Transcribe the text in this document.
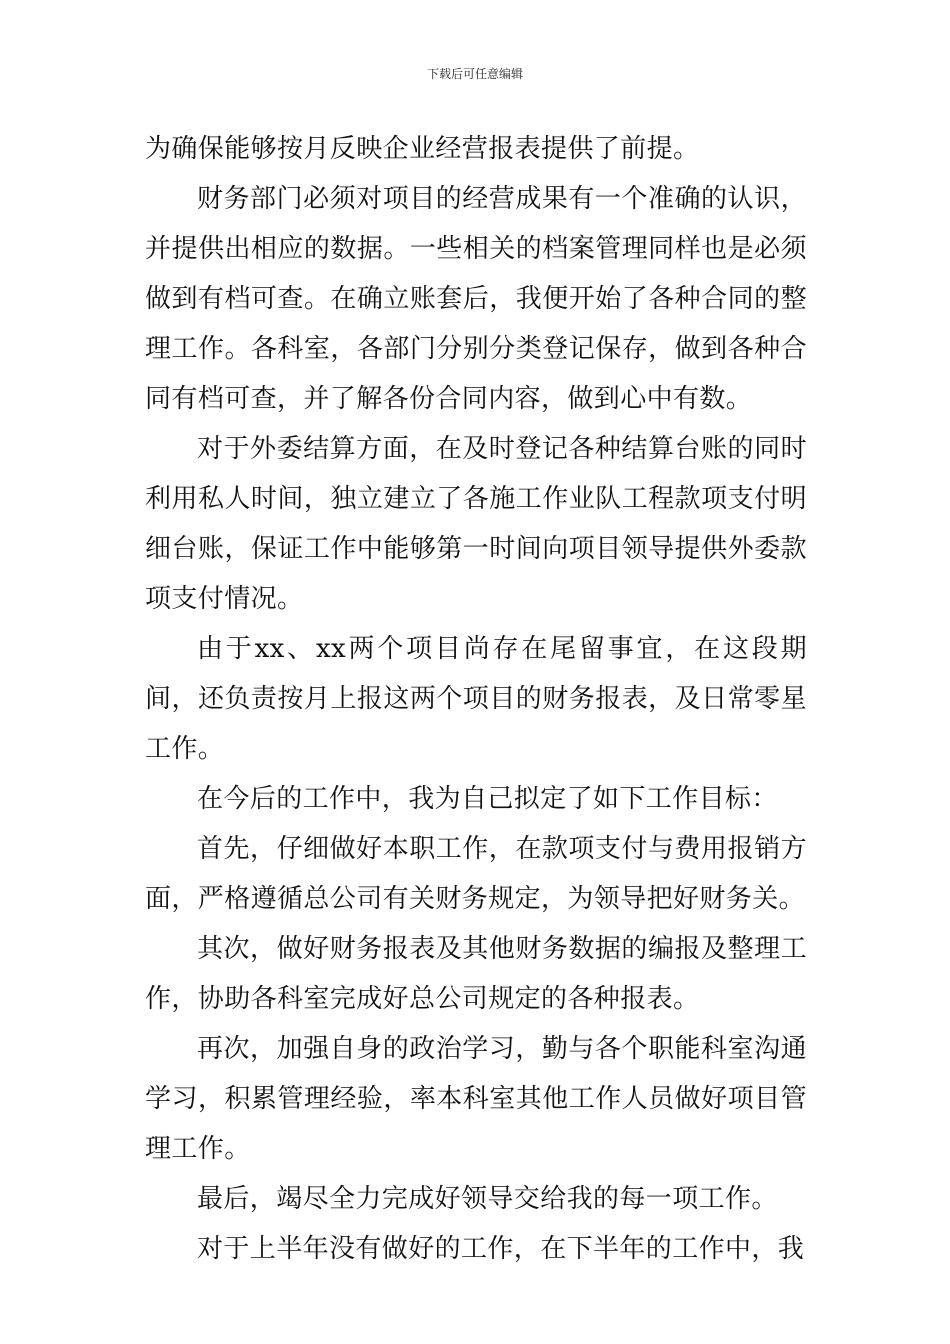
下载后可任意编辑

为确保能够按月反映企业经营报表提供了前提。

财务部门必须对项目的经营成果有一个准确的认识，并提供出相应的数据。一些相关的档案管理同样也是必须做到有档可查。在确立账套后，我便开始了各种合同的整理工作。各科室，各部门分别分类登记保存，做到各种合同有档可查，并了解各份合同内容，做到心中有数。

对于外委结算方面，在及时登记各种结算台账的同时利用私人时间，独立建立了各施工作业队工程款项支付明细台账，保证工作中能够第一时间向项目领导提供外委款项支付情况。

由于xx、xx两个项目尚存在尾留事宜，在这段期间，还负责按月上报这两个项目的财务报表，及日常零星工作。

在今后的工作中，我为自己拟定了如下工作目标：

首先，仔细做好本职工作，在款项支付与费用报销方面，严格遵循总公司有关财务规定，为领导把好财务关。

其次，做好财务报表及其他财务数据的编报及整理工作，协助各科室完成好总公司规定的各种报表。

再次，加强自身的政治学习，勤与各个职能科室沟通学习，积累管理经验，率本科室其他工作人员做好项目管理工作。

最后，竭尽全力完成好领导交给我的每一项工作。

对于上半年没有做好的工作，在下半年的工作中，我
